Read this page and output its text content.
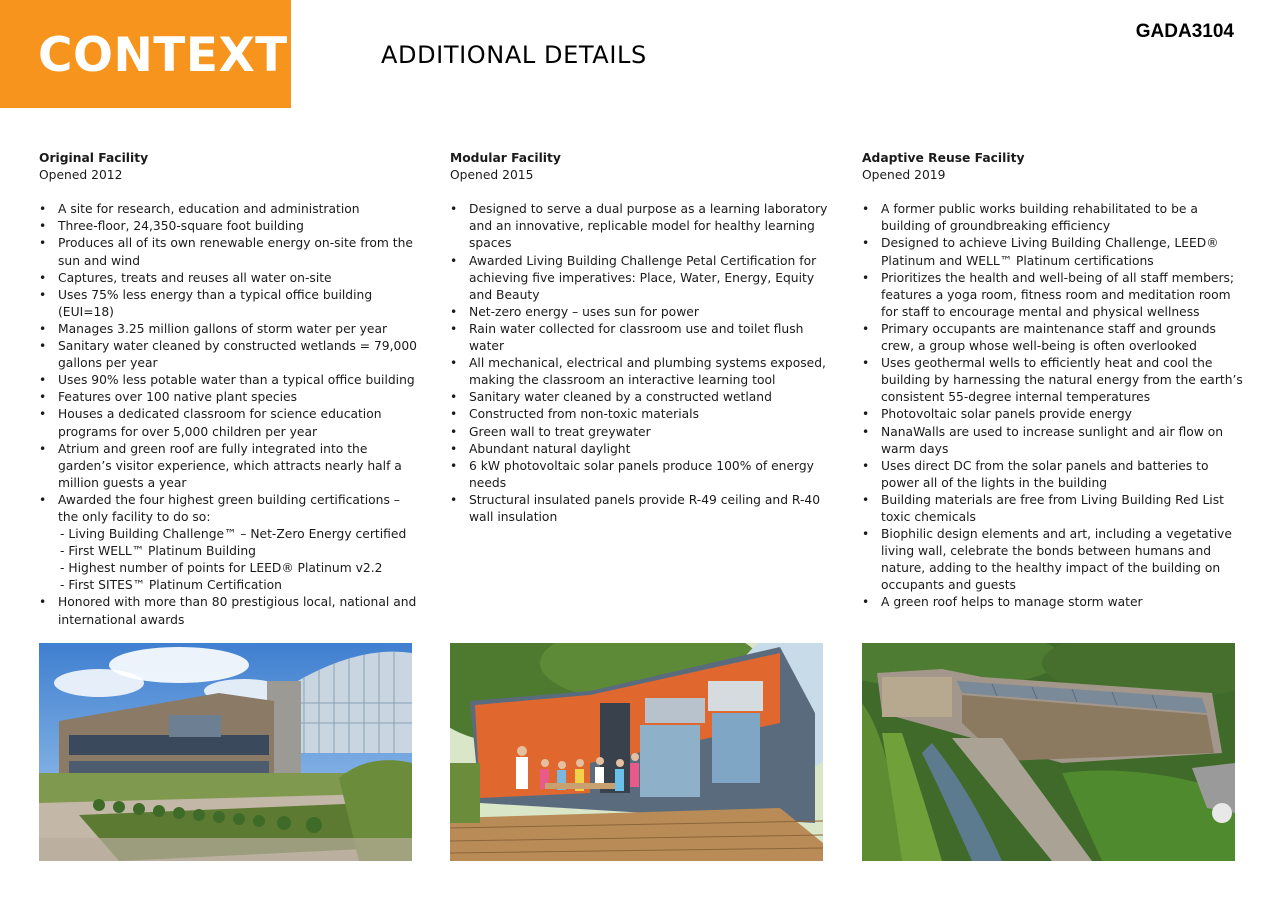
CONTEXT	ADDITIONAL DETAILS
GADA3104
Original Facility
Opened 2012
• A site for research, education and administration
• Three-floor, 24,350-square foot building
• Produces all of its own renewable energy on-site from the sun and wind
• Captures, treats and reuses all water on-site
• Uses 75% less energy than a typical office building (EUI=18)
• Manages 3.25 million gallons of storm water per year
• Sanitary water cleaned by constructed wetlands = 79,000 gallons per year
• Uses 90% less potable water than a typical office building
• Features over 100 native plant species
• Houses a dedicated classroom for science education programs for over 5,000 children per year
• Atrium and green roof are fully integrated into the garden’s visitor experience, which attracts nearly half a million guests a year
• Awarded the four highest green building certifications – the only facility to do so:
- Living Building Challenge™ – Net-Zero Energy certified
- First WELL™ Platinum Building
- Highest number of points for LEED® Platinum v2.2
- First SITES™ Platinum Certification
• Honored with more than 80 prestigious local, national and international awards
Modular Facility
Opened 2015
• Designed to serve a dual purpose as a learning laboratory and an innovative, replicable model for healthy learning spaces
• Awarded Living Building Challenge Petal Certification for achieving five imperatives: Place, Water, Energy, Equity and Beauty
• Net-zero energy – uses sun for power
• Rain water collected for classroom use and toilet flush water
• All mechanical, electrical and plumbing systems exposed, making the classroom an interactive learning tool
• Sanitary water cleaned by a constructed wetland
• Constructed from non-toxic materials
• Green wall to treat greywater
• Abundant natural daylight
• 6 kW photovoltaic solar panels produce 100% of energy needs
• Structural insulated panels provide R-49 ceiling and R-40 wall insulation
Adaptive Reuse Facility
Opened 2019
• A former public works building rehabilitated to be a building of groundbreaking efficiency
• Designed to achieve Living Building Challenge, LEED® Platinum and WELL™ Platinum certifications
• Prioritizes the health and well-being of all staff members; features a yoga room, fitness room and meditation room for staff to encourage mental and physical wellness
• Primary occupants are maintenance staff and grounds crew, a group whose well-being is often overlooked
• Uses geothermal wells to efficiently heat and cool the building by harnessing the natural energy from the earth’s consistent 55-degree internal temperatures
• Photovoltaic solar panels provide energy
• NanaWalls are used to increase sunlight and air flow on warm days
• Uses direct DC from the solar panels and batteries to power all of the lights in the building
• Building materials are free from Living Building Red List toxic chemicals
• Biophilic design elements and art, including a vegetative living wall, celebrate the bonds between humans and nature, adding to the healthy impact of the building on occupants and guests
• A green roof helps to manage storm water
